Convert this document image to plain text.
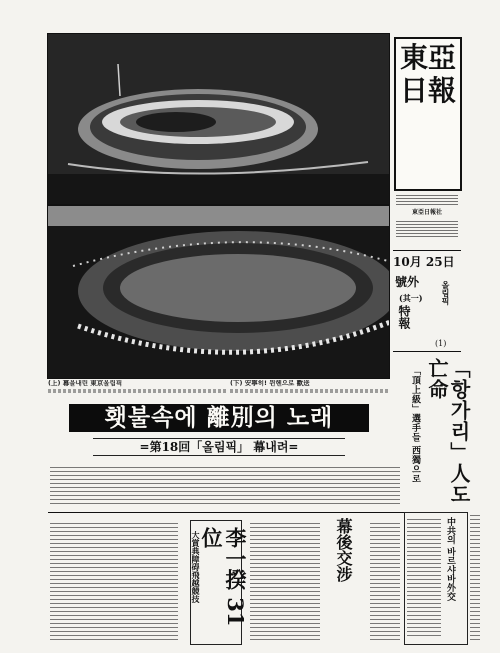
(上) 幕을내린 東京올림픽	(下) 安寧히! 뮌헨으로 歡送
東亞日報
東亞日報社
10月 25日
號外
(其一)
特報
올림픽
(1)
「항가리」人도 亡命
「頂上級」選手들 西獨으로
횃불속에 離別의 노래
=第18回「올림픽」 幕내려=
李一揆 31位
大賞典障碍飛越競技	幕後交涉	中共의 바르샤바外交
